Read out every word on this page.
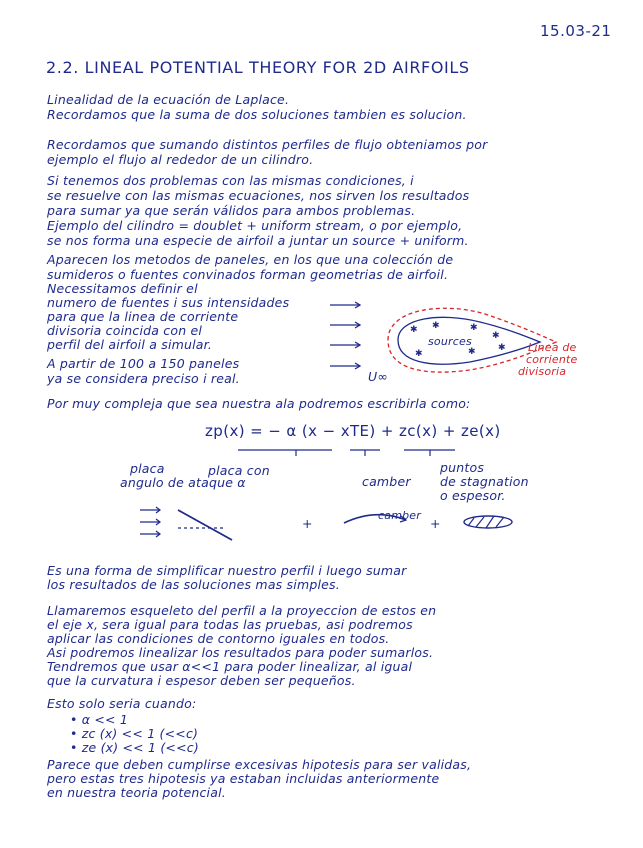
15.03-21
2.2. LINEAL POTENTIAL THEORY FOR 2D AIRFOILS
Linealidad de la ecuación de Laplace.
Recordamos que la suma de dos soluciones tambien es solucion.
Recordamos que sumando distintos perfiles de flujo obteniamos por
ejemplo el flujo al rededor de un cilindro.
Si tenemos dos problemas con las mismas condiciones, i
se resuelve con las mismas ecuaciones, nos sirven los resultados
para sumar ya que serán válidos para ambos problemas.
Ejemplo del cilindro = doublet + uniform stream, o por ejemplo,
se nos forma una especie de airfoil a juntar un source + uniform.
Aparecen los metodos de paneles, en los que una colección de
sumideros o fuentes convinados forman geometrias de airfoil.
Necessitamos definir el
numero de fuentes i sus intensidades
para que la linea de corriente
divisoria coincida con el
perfil del airfoil a simular.
A partir de 100 a 150 paneles
ya se considera preciso i real.
✱ ✱	✱
✱
✱	✱ ✱
sources	Linea de
corriente
divisoria
U∞
Por muy compleja que sea nuestra ala podremos escribirla como:
zp(x) = − α (x − xTE) + zc(x) + ze(x)
placa	placa con
angulo de ataque α	camber
puntos
de stagnation
o espesor.
+	+
camber
Es una forma de simplificar nuestro perfil i luego sumar
los resultados de las soluciones mas simples.
Llamaremos esqueleto del perfil a la proyeccion de estos en
el eje x, sera igual para todas las pruebas, asi podremos
aplicar las condiciones de contorno iguales en todos.
Asi podremos linealizar los resultados para poder sumarlos.
Tendremos que usar α<<1 para poder linealizar, al igual
que la curvatura i espesor deben ser pequeños.
Esto solo seria cuando:
• α << 1
• zc (x) << 1 (<<c)
• ze (x) << 1 (<<c)
Parece que deben cumplirse excesivas hipotesis para ser validas,
pero estas tres hipotesis ya estaban incluidas anteriormente
en nuestra teoria potencial.
